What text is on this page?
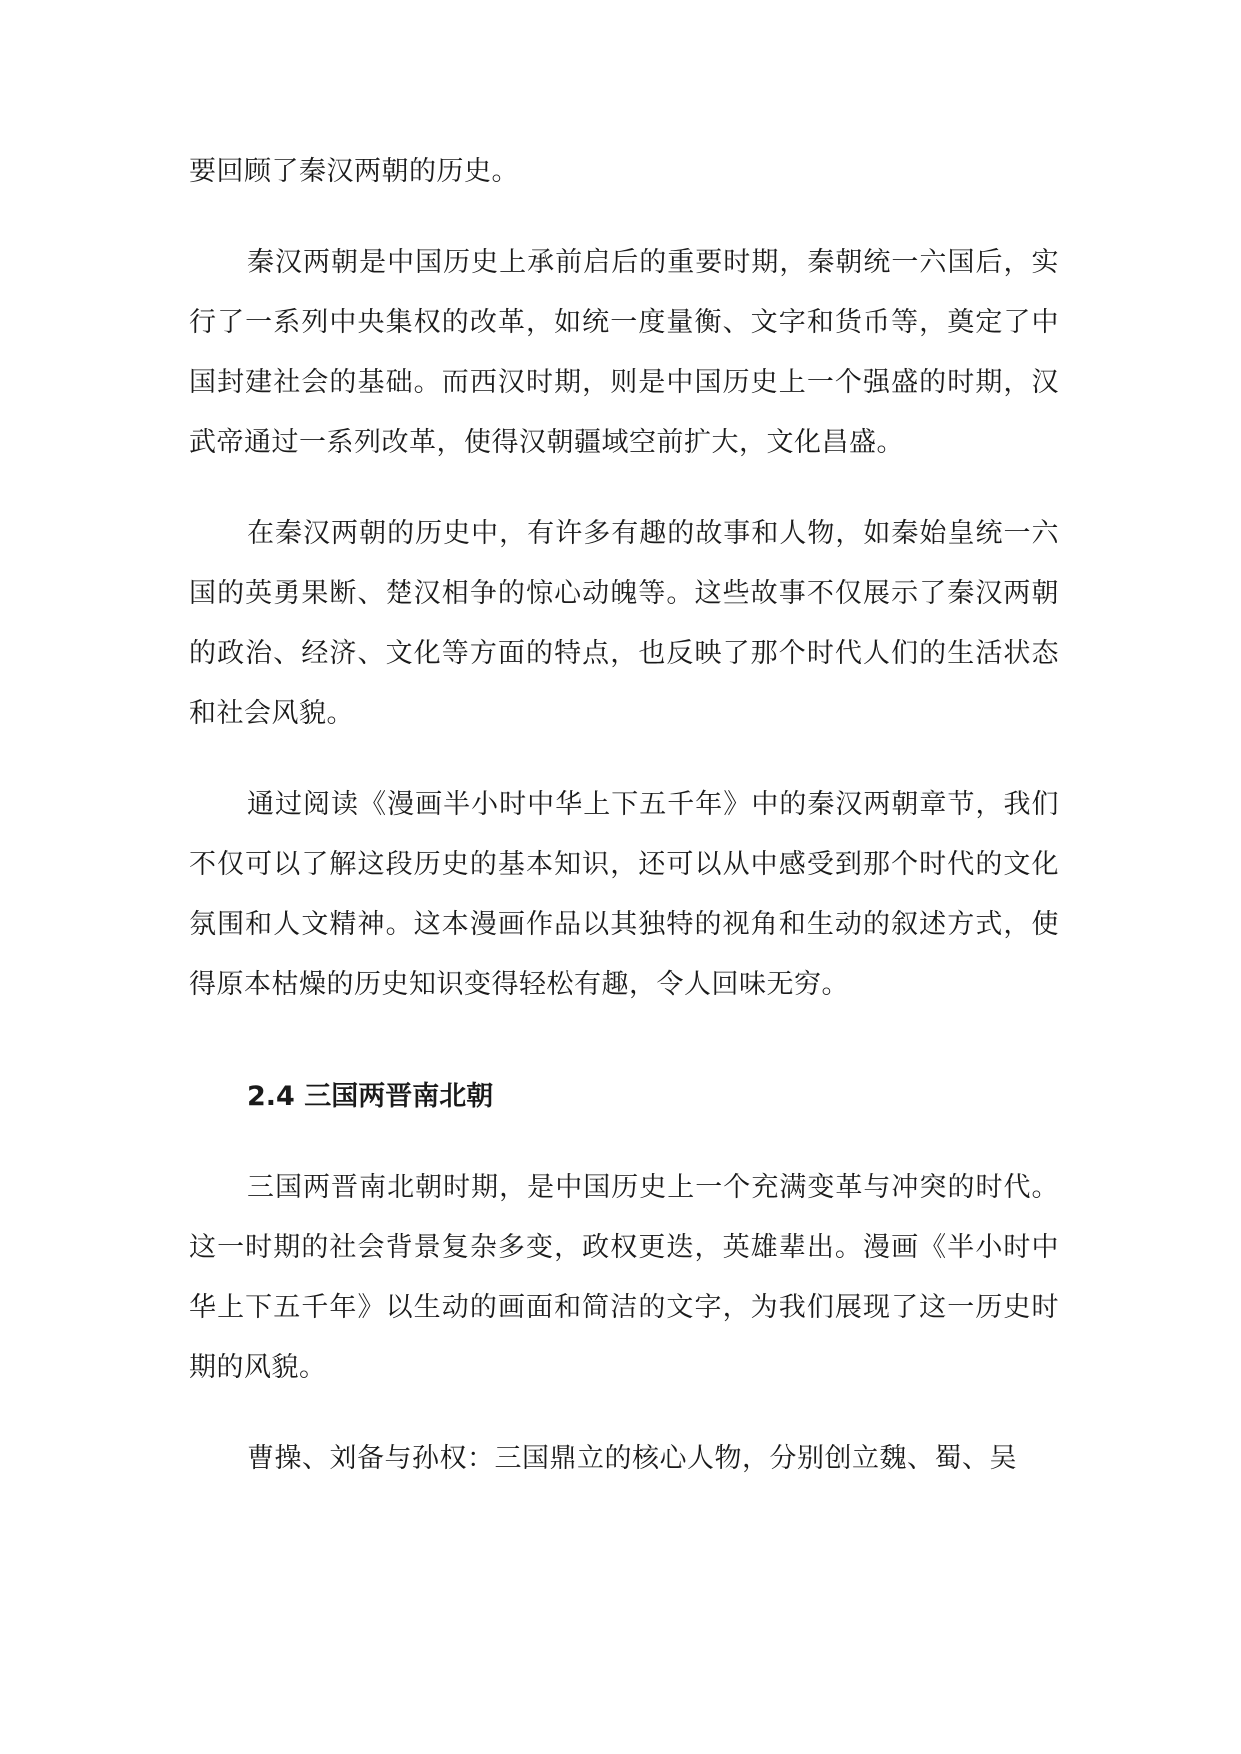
要回顾了秦汉两朝的历史。

秦汉两朝是中国历史上承前启后的重要时期，秦朝统一六国后，实行了一系列中央集权的改革，如统一度量衡、文字和货币等，奠定了中国封建社会的基础。而西汉时期，则是中国历史上一个强盛的时期，汉武帝通过一系列改革，使得汉朝疆域空前扩大，文化昌盛。

在秦汉两朝的历史中，有许多有趣的故事和人物，如秦始皇统一六国的英勇果断、楚汉相争的惊心动魄等。这些故事不仅展示了秦汉两朝的政治、经济、文化等方面的特点，也反映了那个时代人们的生活状态和社会风貌。

通过阅读《漫画半小时中华上下五千年》中的秦汉两朝章节，我们不仅可以了解这段历史的基本知识，还可以从中感受到那个时代的文化氛围和人文精神。这本漫画作品以其独特的视角和生动的叙述方式，使得原本枯燥的历史知识变得轻松有趣，令人回味无穷。

2.4 三国两晋南北朝

三国两晋南北朝时期，是中国历史上一个充满变革与冲突的时代。这一时期的社会背景复杂多变，政权更迭，英雄辈出。漫画《半小时中华上下五千年》以生动的画面和简洁的文字，为我们展现了这一历史时期的风貌。

曹操、刘备与孙权：三国鼎立的核心人物，分别创立魏、蜀、吴
